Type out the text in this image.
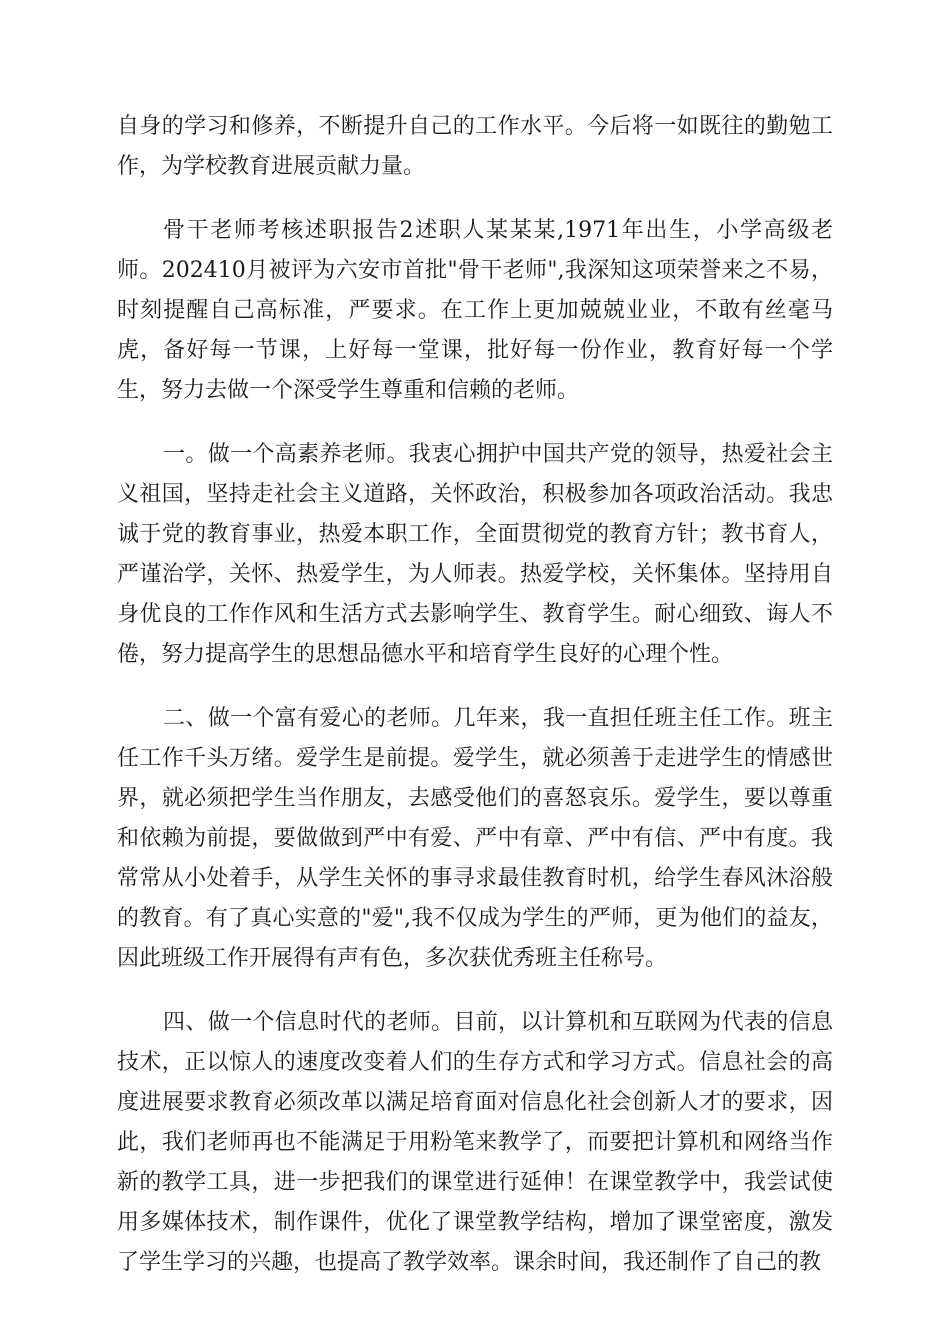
自身的学习和修养，不断提升自己的工作水平。今后将一如既往的勤勉工作，为学校教育进展贡献力量。

骨干老师考核述职报告2述职人某某某,1971年出生，小学高级老师。202410月被评为六安市首批"骨干老师",我深知这项荣誉来之不易，时刻提醒自己高标准，严要求。在工作上更加兢兢业业，不敢有丝毫马虎，备好每一节课，上好每一堂课，批好每一份作业，教育好每一个学生，努力去做一个深受学生尊重和信赖的老师。

一。做一个高素养老师。我衷心拥护中国共产党的领导，热爱社会主义祖国，坚持走社会主义道路，关怀政治，积极参加各项政治活动。我忠诚于党的教育事业，热爱本职工作，全面贯彻党的教育方针；教书育人，严谨治学，关怀、热爱学生，为人师表。热爱学校，关怀集体。坚持用自身优良的工作作风和生活方式去影响学生、教育学生。耐心细致、诲人不倦，努力提高学生的思想品德水平和培育学生良好的心理个性。

二、做一个富有爱心的老师。几年来，我一直担任班主任工作。班主任工作千头万绪。爱学生是前提。爱学生，就必须善于走进学生的情感世界，就必须把学生当作朋友，去感受他们的喜怒哀乐。爱学生，要以尊重和依赖为前提，要做做到严中有爱、严中有章、严中有信、严中有度。我常常从小处着手，从学生关怀的事寻求最佳教育时机，给学生春风沐浴般的教育。有了真心实意的"爱",我不仅成为学生的严师，更为他们的益友，因此班级工作开展得有声有色，多次获优秀班主任称号。

四、做一个信息时代的老师。目前，以计算机和互联网为代表的信息技术，正以惊人的速度改变着人们的生存方式和学习方式。信息社会的高度进展要求教育必须改革以满足培育面对信息化社会创新人才的要求，因此，我们老师再也不能满足于用粉笔来教学了，而要把计算机和网络当作新的教学工具，进一步把我们的课堂进行延伸！在课堂教学中，我尝试使用多媒体技术，制作课件，优化了课堂教学结构，增加了课堂密度，激发了学生学习的兴趣，也提高了教学效率。课余时间，我还制作了自己的教
